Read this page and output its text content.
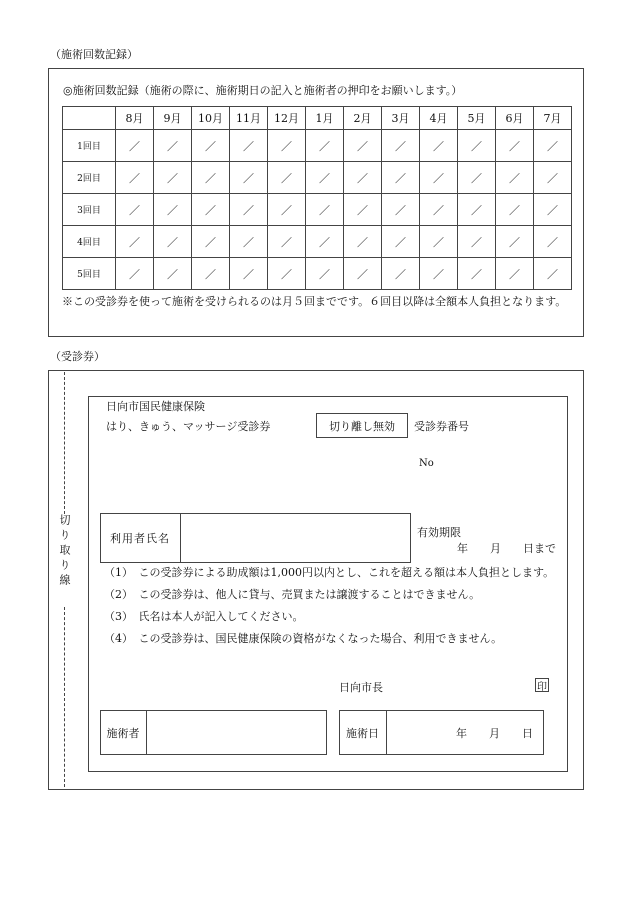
（施術回数記録）
◎施術回数記録（施術の際に、施術期日の記入と施術者の押印をお願いします。）
	8月	9月	10月	11月	12月	1月	2月	3月	4月	5月	6月	7月
1回目	／	／	／	／	／	／	／	／	／	／	／	／
2回目	／	／	／	／	／	／	／	／	／	／	／	／
3回目	／	／	／	／	／	／	／	／	／	／	／	／
4回目	／	／	／	／	／	／	／	／	／	／	／	／
5回目	／	／	／	／	／	／	／	／	／	／	／	／
※この受診券を使って施術を受けられるのは月５回までです。６回目以降は全額本人負担となります。
（受診券）
切り取り線
日向市国民健康保険
はり、きゅう、マッサージ受診券	切り離し無効	受診券番号
No
利用者氏名	有効期限
年　　月　　日まで
（1）　この受診券による助成額は1,000円以内とし、これを超える額は本人負担とします。
（2）　この受診券は、他人に貸与、売買または譲渡することはできません。
（3）　氏名は本人が記入してください。
（4）　この受診券は、国民健康保険の資格がなくなった場合、利用できません。
日向市長	印
施術者	施術日	年　　月　　日
